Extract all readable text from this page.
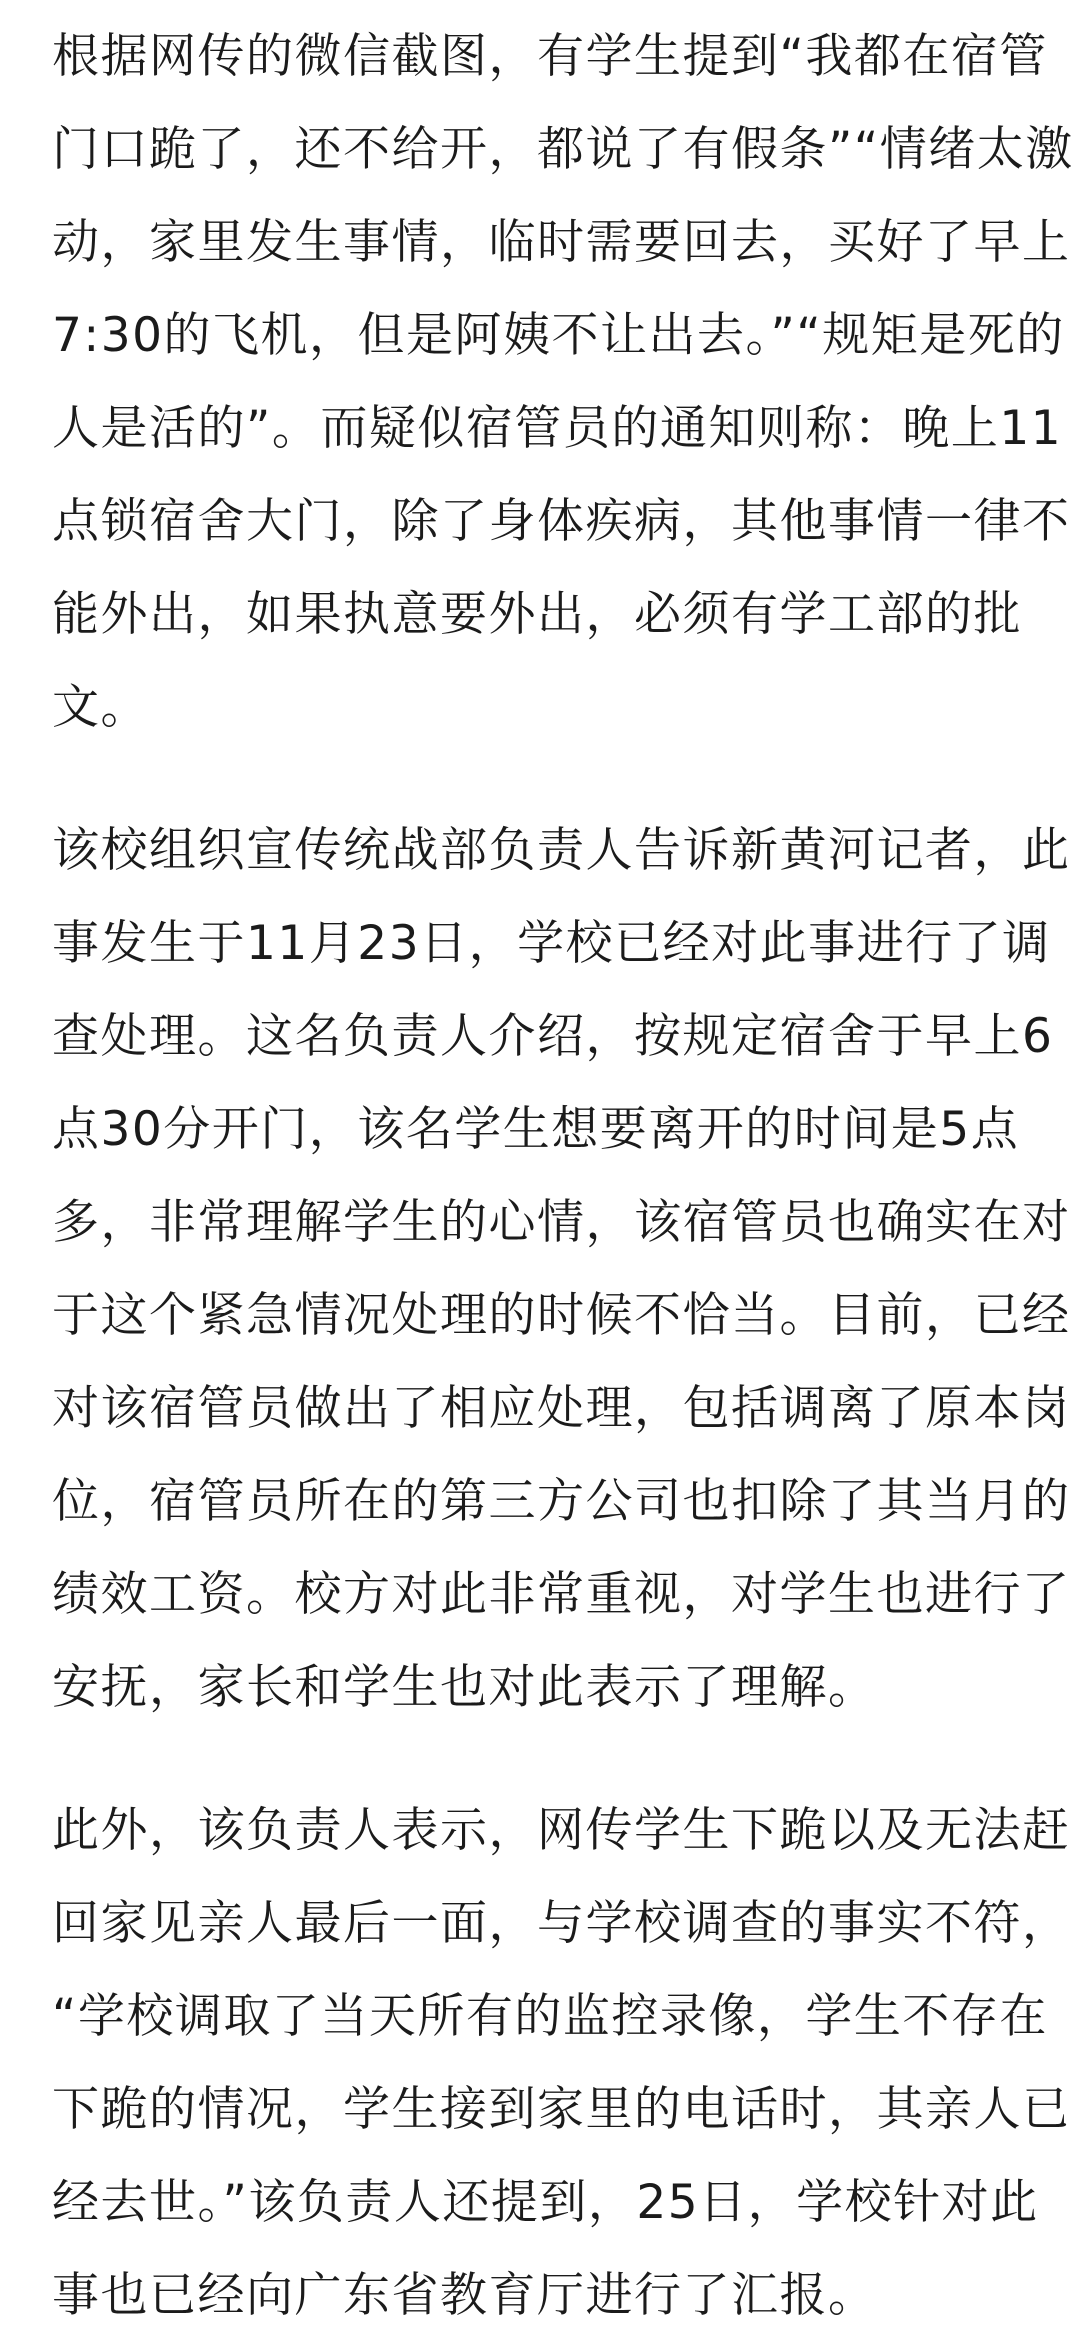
根据网传的微信截图，有学生提到“我都在宿管
门口跪了，还不给开，都说了有假条”“情绪太激
动，家里发生事情，临时需要回去，买好了早上
7:30的飞机，但是阿姨不让出去。”“规矩是死的
人是活的”。而疑似宿管员的通知则称：晚上11
点锁宿舍大门，除了身体疾病，其他事情一律不
能外出，如果执意要外出，必须有学工部的批
文。

该校组织宣传统战部负责人告诉新黄河记者，此
事发生于11月23日，学校已经对此事进行了调
查处理。这名负责人介绍，按规定宿舍于早上6
点30分开门，该名学生想要离开的时间是5点
多，非常理解学生的心情，该宿管员也确实在对
于这个紧急情况处理的时候不恰当。目前，已经
对该宿管员做出了相应处理，包括调离了原本岗
位，宿管员所在的第三方公司也扣除了其当月的
绩效工资。校方对此非常重视，对学生也进行了
安抚，家长和学生也对此表示了理解。

此外，该负责人表示，网传学生下跪以及无法赶
回家见亲人最后一面，与学校调查的事实不符，
“学校调取了当天所有的监控录像，学生不存在
下跪的情况，学生接到家里的电话时，其亲人已
经去世。”该负责人还提到，25日，学校针对此
事也已经向广东省教育厅进行了汇报。
